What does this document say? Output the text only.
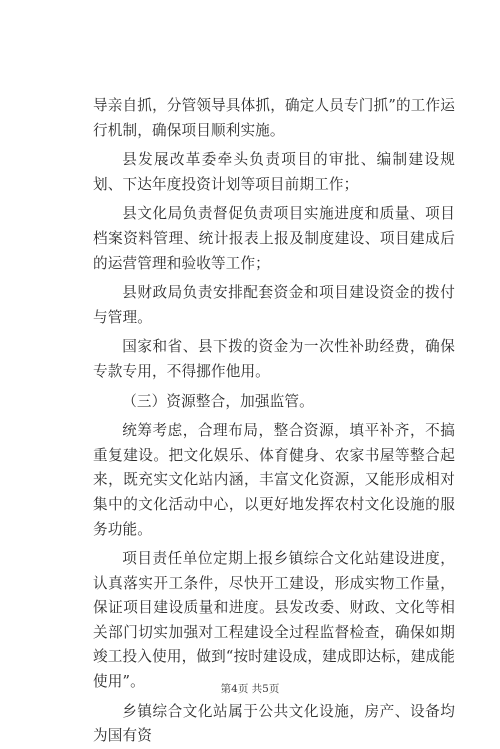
导亲自抓，分管领导具体抓，确定人员专门抓”的工作运行机制，确保项目顺利实施。

县发展改革委牵头负责项目的审批、编制建设规划、下达年度投资计划等项目前期工作；

县文化局负责督促负责项目实施进度和质量、项目档案资料管理、统计报表上报及制度建设、项目建成后的运营管理和验收等工作；

县财政局负责安排配套资金和项目建设资金的拨付与管理。

国家和省、县下拨的资金为一次性补助经费，确保专款专用，不得挪作他用。

（三）资源整合，加强监管。

统筹考虑，合理布局，整合资源，填平补齐，不搞重复建设。把文化娱乐、体育健身、农家书屋等整合起来，既充实文化站内涵，丰富文化资源，又能形成相对集中的文化活动中心，以更好地发挥农村文化设施的服务功能。

项目责任单位定期上报乡镇综合文化站建设进度，认真落实开工条件，尽快开工建设，形成实物工作量，保证项目建设质量和进度。县发改委、财政、文化等相关部门切实加强对工程建设全过程监督检查，确保如期竣工投入使用，做到“按时建设成，建成即达标，建成能使用”。

乡镇综合文化站属于公共文化设施，房产、设备均为国有资

第4页 共5页
